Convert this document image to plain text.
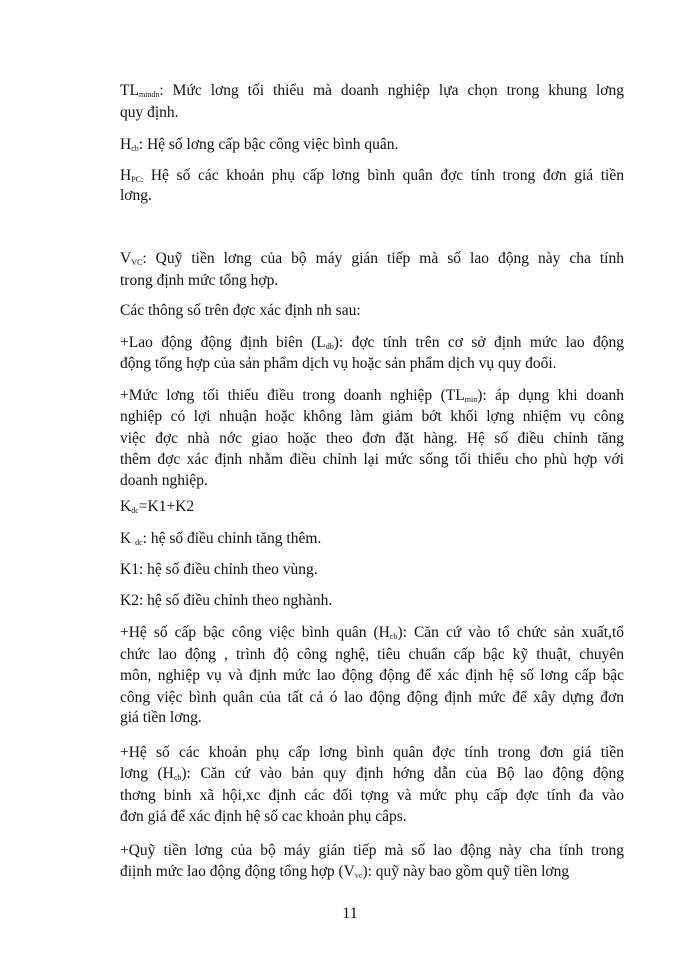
$TL_{mindn}$: Mức lơng tối thiểu mà doanh nghiệp lựa chọn trong khung lơng
quy định.
$H_{cb}$: Hệ số lơng cấp bậc công việc bình quân.
$H_{PC:}$ Hệ số các khoản phụ cấp lơng bình quân đợc tính trong đơn giá tiền
lơng.
$V_{VC}$: Quỹ tiền lơng của bộ máy gián tiếp mà số lao động này cha tính
trong định mức tổng hợp.
Các thông số trên đợc xác định nh sau:
+Lao động động định biên $(L_{db})$: đợc tính trên cơ sở định mức lao động
động tổng hợp của sản phẩm dịch vụ hoặc sản phẩm dịch vụ quy đoổi.
+Mức lơng tối thiểu điều trong doanh nghiệp $(TL_{min})$: áp dụng khi doanh
nghiệp có lợi nhuận hoặc không làm giảm bớt khối lợng nhiệm vụ công
việc đợc nhà nớc giao hoặc theo đơn đặt hàng. Hệ số điều chỉnh tăng
thêm đợc xác định nhằm điều chỉnh lại mức sống tối thiểu cho phù hợp với
doanh nghiệp.
$K_{dc}=K1+K2$
K $_{dc}$: hệ số điều chỉnh tăng thêm.
K1: hệ số điều chỉnh theo vùng.
K2: hệ số điều chỉnh theo nghành.
+Hệ số cấp bậc công việc bình quân $(H_{cb})$: Căn cứ vào tổ chức sản xuất,tổ
chức lao động , trình độ công nghệ, tiêu chuẩn cấp bậc kỹ thuật, chuyên
môn, nghiệp vụ và định mức lao động động để xác định hệ số lơng cấp bậc
công việc bình quân của tất cả ó lao động động định mức để xây dựng đơn
giá tiền lơng.
+Hệ số các khoản phụ cấp lơng bình quân đợc tính trong đơn giá tiền
lơng $(H_{cb})$: Căn cứ vào bản quy định hớng dẫn của Bộ lao động động
thơng binh xã hội,xc định các đối tợng và mức phụ cấp đợc tính đa vào
đơn giá để xác định hệ số cac khoản phụ câps.
+Quỹ tiền lơng của bộ máy gián tiếp mà số lao động này cha tính trong
điịnh mức lao động động tổng hợp $(V_{vc})$: quỹ này bao gồm quỹ tiền lơng
11
